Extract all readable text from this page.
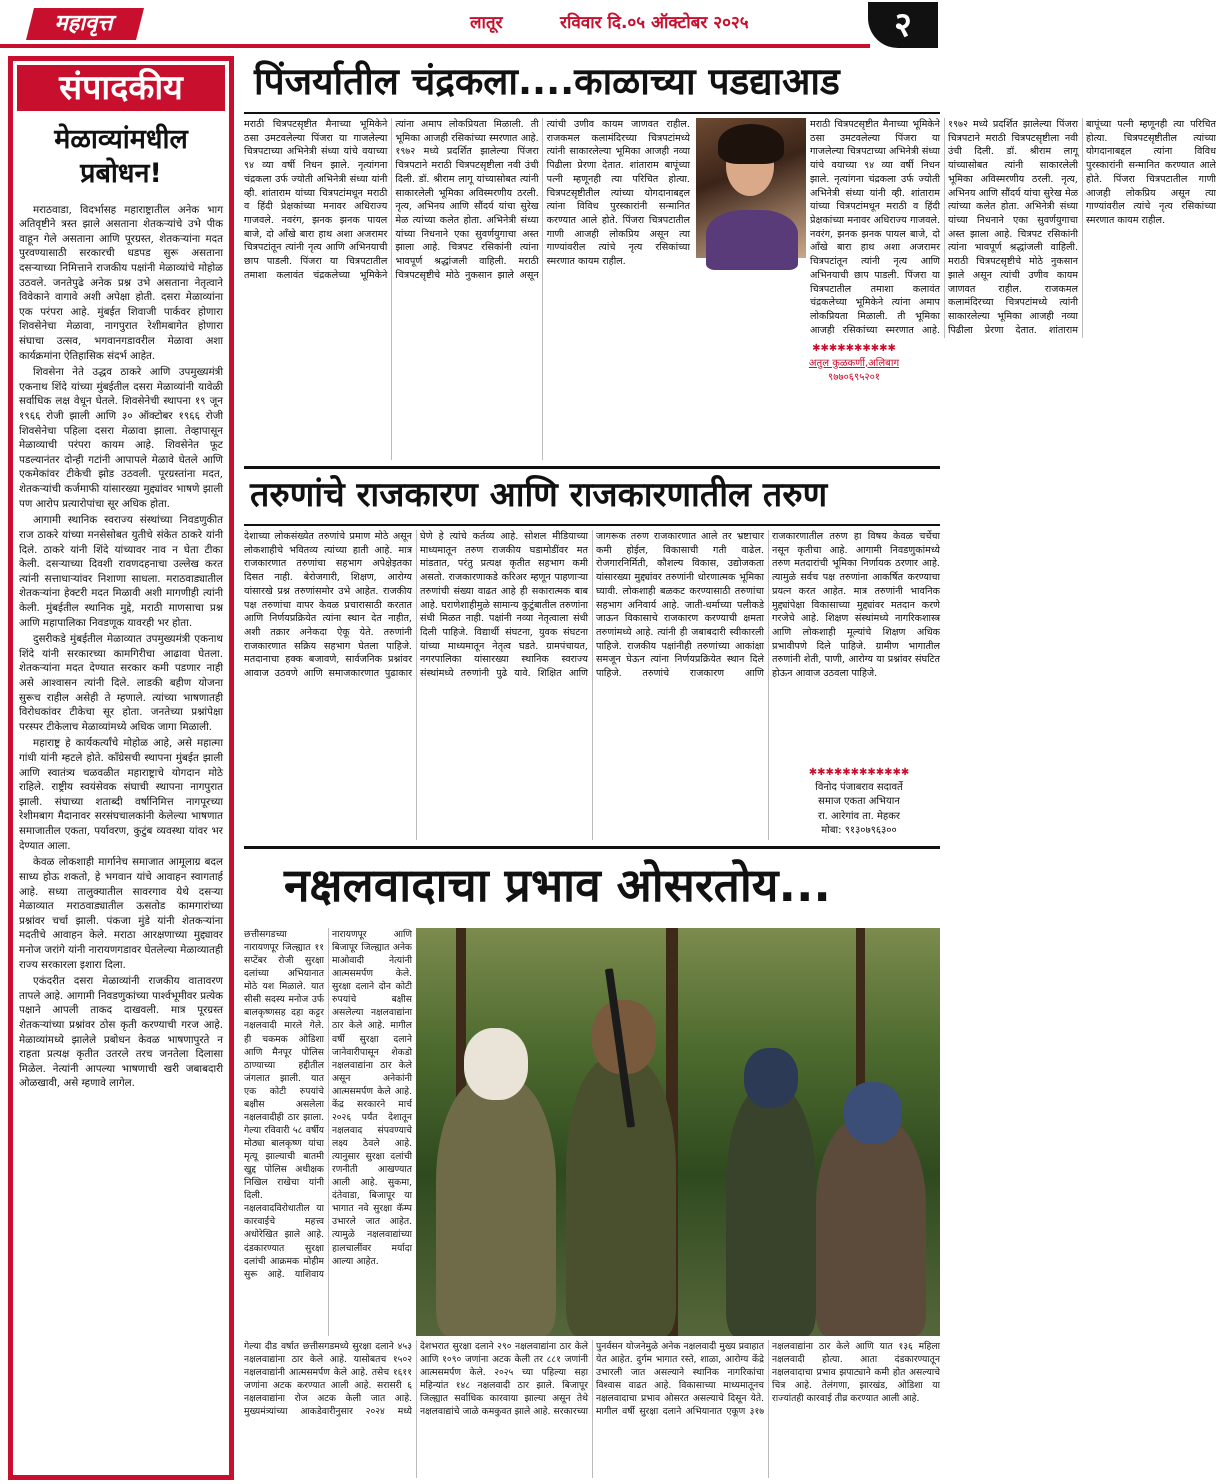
महावृत्त	लातूर	रविवार दि.०५ ऑक्टोबर २०२५	२
संपादकीय
मेळाव्यांमधील प्रबोधन!

मराठवाडा, विदर्भासह महाराष्ट्रातील अनेक भाग अतिवृष्टीने त्रस्त झाले असताना शेतकऱ्यांचे उभे पीक वाहून गेले असताना आणि पूरग्रस्त, शेतकऱ्यांना मदत पुरवण्यासाठी सरकारची धडपड सुरू असताना दसऱ्याच्या निमित्ताने राजकीय पक्षांनी मेळाव्यांचे मोहोळ उठवले. जनतेपुढे अनेक प्रश्न उभे असताना नेतृत्वाने विवेकाने वागावे अशी अपेक्षा होती. दसरा मेळाव्यांना एक परंपरा आहे. मुंबईत शिवाजी पार्कवर होणारा शिवसेनेचा मेळावा, नागपुरात रेशीमबागेत होणारा संघाचा उत्सव, भगवानगडावरील मेळावा अशा कार्यक्रमांना ऐतिहासिक संदर्भ आहेत.

शिवसेना नेते उद्धव ठाकरे आणि उपमुख्यमंत्री एकनाथ शिंदे यांच्या मुंबईतील दसरा मेळाव्यांनी यावेळी सर्वाधिक लक्ष वेधून घेतले. शिवसेनेची स्थापना १९ जून १९६६ रोजी झाली आणि ३० ऑक्टोबर १९६६ रोजी शिवसेनेचा पहिला दसरा मेळावा झाला. तेव्हापासून मेळाव्याची परंपरा कायम आहे. शिवसेनेत फूट पडल्यानंतर दोन्ही गटांनी आपापले मेळावे घेतले आणि एकमेकांवर टीकेची झोड उठवली. पूरग्रस्तांना मदत, शेतकऱ्यांची कर्जमाफी यांसारख्या मुद्द्यांवर भाषणे झाली पण आरोप प्रत्यारोपांचा सूर अधिक होता.

आगामी स्थानिक स्वराज्य संस्थांच्या निवडणुकीत राज ठाकरे यांच्या मनसेसोबत युतीचे संकेत ठाकरे यांनी दिले. ठाकरे यांनी शिंदे यांच्यावर नाव न घेता टीका केली. दसऱ्याच्या दिवशी रावणदहनाचा उल्लेख करत त्यांनी सत्ताधाऱ्यांवर निशाणा साधला. मराठवाड्यातील शेतकऱ्यांना हेक्टरी मदत मिळावी अशी मागणीही त्यांनी केली. मुंबईतील स्थानिक मुद्दे, मराठी माणसाचा प्रश्न आणि महापालिका निवडणूक यावरही भर होता.

दुसरीकडे मुंबईतील मेळाव्यात उपमुख्यमंत्री एकनाथ शिंदे यांनी सरकारच्या कामगिरीचा आढावा घेतला. शेतकऱ्यांना मदत देण्यात सरकार कमी पडणार नाही असे आश्वासन त्यांनी दिले. लाडकी बहीण योजना सुरूच राहील असेही ते म्हणाले. त्यांच्या भाषणातही विरोधकांवर टीकेचा सूर होता. जनतेच्या प्रश्नांपेक्षा परस्पर टीकेलाच मेळाव्यांमध्ये अधिक जागा मिळाली.

महाराष्ट्र हे कार्यकर्त्यांचे मोहोळ आहे, असे महात्मा गांधी यांनी म्हटले होते. काँग्रेसची स्थापना मुंबईत झाली आणि स्वातंत्र्य चळवळीत महाराष्ट्राचे योगदान मोठे राहिले. राष्ट्रीय स्वयंसेवक संघाची स्थापना नागपुरात झाली. संघाच्या शताब्दी वर्षानिमित्त नागपूरच्या रेशीमबाग मैदानावर सरसंघचालकांनी केलेल्या भाषणात समाजातील एकता, पर्यावरण, कुटुंब व्यवस्था यांवर भर देण्यात आला.

केवळ लोकशाही मार्गानेच समाजात आमूलाग्र बदल साध्य होऊ शकतो, हे भगवान यांचे आवाहन स्वागतार्ह आहे. सध्या तालुक्यातील सावरगाव येथे दसऱ्या मेळाव्यात मराठवाड्यातील ऊसतोड कामगारांच्या प्रश्नांवर चर्चा झाली. पंकजा मुंडे यांनी शेतकऱ्यांना मदतीचे आवाहन केले. मराठा आरक्षणाच्या मुद्द्यावर मनोज जरांगे यांनी नारायणगडावर घेतलेल्या मेळाव्यातही राज्य सरकारला इशारा दिला.

एकंदरीत दसरा मेळाव्यांनी राजकीय वातावरण तापले आहे. आगामी निवडणुकांच्या पार्श्वभूमीवर प्रत्येक पक्षाने आपली ताकद दाखवली. मात्र पूरग्रस्त शेतकऱ्यांच्या प्रश्नांवर ठोस कृती करण्याची गरज आहे. मेळाव्यांमध्ये झालेले प्रबोधन केवळ भाषणापुरते न राहता प्रत्यक्ष कृतीत उतरले तरच जनतेला दिलासा मिळेल. नेत्यांनी आपल्या भाषणाची खरी जबाबदारी ओळखावी, असे म्हणावे लागेल.

पिंजर्यातील चंद्रकला....काळाच्या पडद्याआड
मराठी चित्रपटसृष्टीत मैनाच्या भूमिकेने ठसा उमटवलेल्या पिंजरा या गाजलेल्या चित्रपटाच्या अभिनेत्री संध्या यांचे वयाच्या ९४ व्या वर्षी निधन झाले. नृत्यांगना चंद्रकला उर्फ ज्योती अभिनेत्री संध्या यांनी व्ही. शांताराम यांच्या चित्रपटांमधून मराठी व हिंदी प्रेक्षकांच्या मनावर अधिराज्य गाजवले. नवरंग, झनक झनक पायल बाजे, दो आँखे बारा हाथ अशा अजरामर चित्रपटांतून त्यांनी नृत्य आणि अभिनयाची छाप पाडली. पिंजरा या चित्रपटातील तमाशा कलावंत चंद्रकलेच्या भूमिकेने त्यांना अमाप लोकप्रियता मिळाली. ती भूमिका आजही रसिकांच्या स्मरणात आहे. १९७२ मध्ये प्रदर्शित झालेल्या पिंजरा चित्रपटाने मराठी चित्रपटसृष्टीला नवी उंची दिली. डॉ. श्रीराम लागू यांच्यासोबत त्यांनी साकारलेली भूमिका अविस्मरणीय ठरली. नृत्य, अभिनय आणि सौंदर्य यांचा सुरेख मेळ त्यांच्या कलेत होता. अभिनेत्री संध्या यांच्या निधनाने एका सुवर्णयुगाचा अस्त झाला आहे. चित्रपट रसिकांनी त्यांना भावपूर्ण श्रद्धांजली वाहिली. मराठी चित्रपटसृष्टीचे मोठे नुकसान झाले असून त्यांची उणीव कायम जाणवत राहील. राजकमल कलामंदिरच्या चित्रपटांमध्ये त्यांनी साकारलेल्या भूमिका आजही नव्या पिढीला प्रेरणा देतात. शांताराम बापूंच्या पत्नी म्हणूनही त्या परिचित होत्या. चित्रपटसृष्टीतील त्यांच्या योगदानाबद्दल त्यांना विविध पुरस्कारांनी सन्मानित करण्यात आले होते. पिंजरा चित्रपटातील गाणी आजही लोकप्रिय असून त्या गाण्यांवरील त्यांचे नृत्य रसिकांच्या स्मरणात कायम राहील.
मराठी चित्रपटसृष्टीत मैनाच्या भूमिकेने ठसा उमटवलेल्या पिंजरा या गाजलेल्या चित्रपटाच्या अभिनेत्री संध्या यांचे वयाच्या ९४ व्या वर्षी निधन झाले. नृत्यांगना चंद्रकला उर्फ ज्योती अभिनेत्री संध्या यांनी व्ही. शांताराम यांच्या चित्रपटांमधून मराठी व हिंदी प्रेक्षकांच्या मनावर अधिराज्य गाजवले. नवरंग, झनक झनक पायल बाजे, दो आँखे बारा हाथ अशा अजरामर चित्रपटांतून त्यांनी नृत्य आणि अभिनयाची छाप पाडली. पिंजरा या चित्रपटातील तमाशा कलावंत चंद्रकलेच्या भूमिकेने त्यांना अमाप लोकप्रियता मिळाली. ती भूमिका आजही रसिकांच्या स्मरणात आहे. १९७२ मध्ये प्रदर्शित झालेल्या पिंजरा चित्रपटाने मराठी चित्रपटसृष्टीला नवी उंची दिली. डॉ. श्रीराम लागू यांच्यासोबत त्यांनी साकारलेली भूमिका अविस्मरणीय ठरली. नृत्य, अभिनय आणि सौंदर्य यांचा सुरेख मेळ त्यांच्या कलेत होता. अभिनेत्री संध्या यांच्या निधनाने एका सुवर्णयुगाचा अस्त झाला आहे. चित्रपट रसिकांनी त्यांना भावपूर्ण श्रद्धांजली वाहिली. मराठी चित्रपटसृष्टीचे मोठे नुकसान झाले असून त्यांची उणीव कायम जाणवत राहील. राजकमल कलामंदिरच्या चित्रपटांमध्ये त्यांनी साकारलेल्या भूमिका आजही नव्या पिढीला प्रेरणा देतात. शांताराम बापूंच्या पत्नी म्हणूनही त्या परिचित होत्या. चित्रपटसृष्टीतील त्यांच्या योगदानाबद्दल त्यांना विविध पुरस्कारांनी सन्मानित करण्यात आले होते. पिंजरा चित्रपटातील गाणी आजही लोकप्रिय असून त्या गाण्यांवरील त्यांचे नृत्य रसिकांच्या स्मरणात कायम राहील.
✱✱✱✱✱✱✱✱✱✱
अतुल कुळकर्णी,अलिबाग
९७७०६९५२०१
तरुणांचे राजकारण आणि राजकारणातील तरुण
देशाच्या लोकसंख्येत तरुणांचे प्रमाण मोठे असून लोकशाहीचे भवितव्य त्यांच्या हाती आहे. मात्र राजकारणात तरुणांचा सहभाग अपेक्षेइतका दिसत नाही. बेरोजगारी, शिक्षण, आरोग्य यांसारखे प्रश्न तरुणांसमोर उभे आहेत. राजकीय पक्ष तरुणांचा वापर केवळ प्रचारासाठी करतात आणि निर्णयप्रक्रियेत त्यांना स्थान देत नाहीत, अशी तक्रार अनेकदा ऐकू येते. तरुणांनी राजकारणात सक्रिय सहभाग घेतला पाहिजे. मतदानाचा हक्क बजावणे, सार्वजनिक प्रश्नांवर आवाज उठवणे आणि समाजकारणात पुढाकार घेणे हे त्यांचे कर्तव्य आहे. सोशल मीडियाच्या माध्यमातून तरुण राजकीय घडामोडींवर मत मांडतात, परंतु प्रत्यक्ष कृतीत सहभाग कमी असतो. राजकारणाकडे करिअर म्हणून पाहणाऱ्या तरुणांची संख्या वाढत आहे ही सकारात्मक बाब आहे. घराणेशाहीमुळे सामान्य कुटुंबातील तरुणांना संधी मिळत नाही. पक्षांनी नव्या नेतृत्वाला संधी दिली पाहिजे. विद्यार्थी संघटना, युवक संघटना यांच्या माध्यमातून नेतृत्व घडते. ग्रामपंचायत, नगरपालिका यांसारख्या स्थानिक स्वराज्य संस्थांमध्ये तरुणांनी पुढे यावे. शिक्षित आणि जागरूक तरुण राजकारणात आले तर भ्रष्टाचार कमी होईल, विकासाची गती वाढेल. रोजगारनिर्मिती, कौशल्य विकास, उद्योजकता यांसारख्या मुद्द्यांवर तरुणांनी धोरणात्मक भूमिका घ्यावी. लोकशाही बळकट करण्यासाठी तरुणांचा सहभाग अनिवार्य आहे. जाती-धर्माच्या पलीकडे जाऊन विकासाचे राजकारण करण्याची क्षमता तरुणांमध्ये आहे. त्यांनी ही जबाबदारी स्वीकारली पाहिजे. राजकीय पक्षांनीही तरुणांच्या आकांक्षा समजून घेऊन त्यांना निर्णयप्रक्रियेत स्थान दिले पाहिजे. तरुणांचे राजकारण आणि राजकारणातील तरुण हा विषय केवळ चर्चेचा नसून कृतीचा आहे. आगामी निवडणुकांमध्ये तरुण मतदारांची भूमिका निर्णायक ठरणार आहे. त्यामुळे सर्वच पक्ष तरुणांना आकर्षित करण्याचा प्रयत्न करत आहेत. मात्र तरुणांनी भावनिक मुद्द्यांपेक्षा विकासाच्या मुद्द्यांवर मतदान करणे गरजेचे आहे. शिक्षण संस्थांमध्ये नागरिकशास्त्र आणि लोकशाही मूल्यांचे शिक्षण अधिक प्रभावीपणे दिले पाहिजे. ग्रामीण भागातील तरुणांनी शेती, पाणी, आरोग्य या प्रश्नांवर संघटित होऊन आवाज उठवला पाहिजे.
✱✱✱✱✱✱✱✱✱✱✱✱
विनोद पंजाबराव सदावर्ते
समाज एकता अभियान
रा. आरेगांव ता. मेहकर
मोबा: ९१३०७९६३००
नक्षलवादाचा प्रभाव ओसरतोय...
छत्तीसगडच्या नारायणपूर जिल्ह्यात ११ सप्टेंबर रोजी सुरक्षा दलांच्या अभियानात मोठे यश मिळाले. यात सीसी सदस्य मनोज उर्फ बालकृष्णसह दहा कट्टर नक्षलवादी मारले गेले. ही चकमक ओडिशा आणि मैनपूर पोलिस ठाण्याच्या हद्दीतील जंगलात झाली. यात एक कोटी रुपयांचे बक्षीस असलेला नक्षलवादीही ठार झाला. गेल्या रविवारी ५८ वर्षीय मोठ्या बालकृष्ण यांचा मृत्यू झाल्याची बातमी खुद्द पोलिस अधीक्षक निखिल राखेचा यांनी दिली. नक्षलवादविरोधातील या कारवाईचे महत्त्व अधोरेखित झाले आहे. दंडकारण्यात सुरक्षा दलांची आक्रमक मोहीम सुरू आहे. याशिवाय नारायणपूर आणि बिजापूर जिल्ह्यात अनेक माओवादी नेत्यांनी आत्मसमर्पण केले. सुरक्षा दलाने दोन कोटी रुपयांचे बक्षीस असलेल्या नक्षलवाद्यांना ठार केले आहे. मागील वर्षी सुरक्षा दलाने जानेवारीपासून शेकडो नक्षलवाद्यांना ठार केले असून अनेकांनी आत्मसमर्पण केले आहे. केंद्र सरकारने मार्च २०२६ पर्यंत देशातून नक्षलवाद संपवण्याचे लक्ष्य ठेवले आहे. त्यानुसार सुरक्षा दलांची रणनीती आखण्यात आली आहे. सुकमा, दंतेवाडा, बिजापूर या भागात नवे सुरक्षा कॅम्प उभारले जात आहेत. त्यामुळे नक्षलवाद्यांच्या हालचालींवर मर्यादा आल्या आहेत.
गेल्या दीड वर्षात छत्तीसगडमध्ये सुरक्षा दलाने ४५३ नक्षलवाद्यांना ठार केले आहे. यासोबतच १५०२ नक्षलवाद्यांनी आत्मसमर्पण केले आहे. तसेच १६११ जणांना अटक करण्यात आली आहे. सरासरी ६ नक्षलवाद्यांना रोज अटक केली जात आहे. मुख्यमंत्र्यांच्या आकडेवारीनुसार २०२४ मध्ये देशभरात सुरक्षा दलाने २९० नक्षलवाद्यांना ठार केले आणि १०९० जणांना अटक केली तर ८८१ जणांनी आत्मसमर्पण केले. २०२५ च्या पहिल्या सहा महिन्यांत १४८ नक्षलवादी ठार झाले. बिजापूर जिल्ह्यात सर्वाधिक कारवाया झाल्या असून तेथे नक्षलवाद्यांचे जाळे कमकुवत झाले आहे. सरकारच्या पुनर्वसन योजनेमुळे अनेक नक्षलवादी मुख्य प्रवाहात येत आहेत. दुर्गम भागात रस्ते, शाळा, आरोग्य केंद्रे उभारली जात असल्याने स्थानिक नागरिकांचा विश्वास वाढत आहे. विकासाच्या माध्यमातूनच नक्षलवादाचा प्रभाव ओसरत असल्याचे दिसून येते. मागील वर्षी सुरक्षा दलाने अभियानात एकूण ३१७ नक्षलवाद्यांना ठार केले आणि यात १३६ महिला नक्षलवादी होत्या. आता दंडकारण्यातून नक्षलवादाचा प्रभाव झपाट्याने कमी होत असल्याचे चित्र आहे. तेलंगणा, झारखंड, ओडिशा या राज्यांतही कारवाई तीव्र करण्यात आली आहे.
